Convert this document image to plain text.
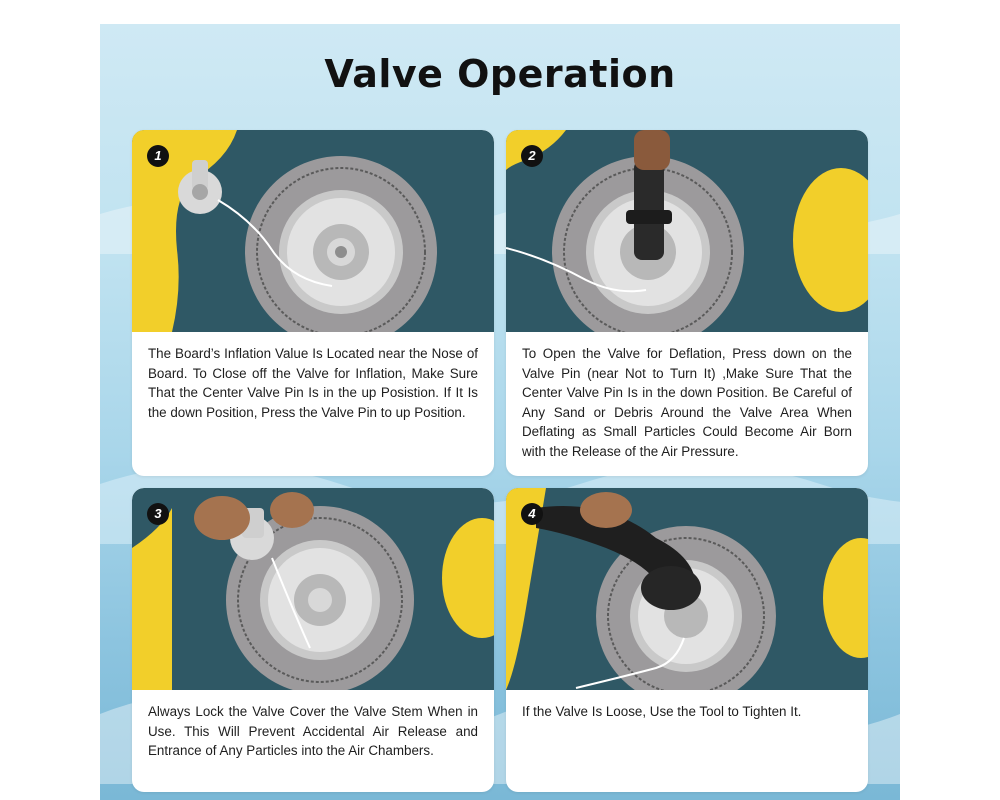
Valve Operation
1

The Board’s Inflation Value Is Located near the Nose of Board. To Close off the Valve for Inflation, Make Sure That the Center Valve Pin Is in the up Posistion. If It Is the down Position, Press the Valve Pin to up Position.

2

To Open the Valve for Deflation, Press down on the Valve Pin (near Not to Turn It) ,Make Sure That the Center Valve Pin Is in the down Position. Be Careful of Any Sand or Debris Around the Valve Area When Deflating as Small Particles Could Become Air Born with the Release of the Air Pressure.

3

Always Lock the Valve Cover the Valve Stem When in Use. This Will Prevent Accidental Air Release and Entrance of Any Particles into the Air Chambers.

4

If the Valve Is Loose, Use the Tool to Tighten It.
